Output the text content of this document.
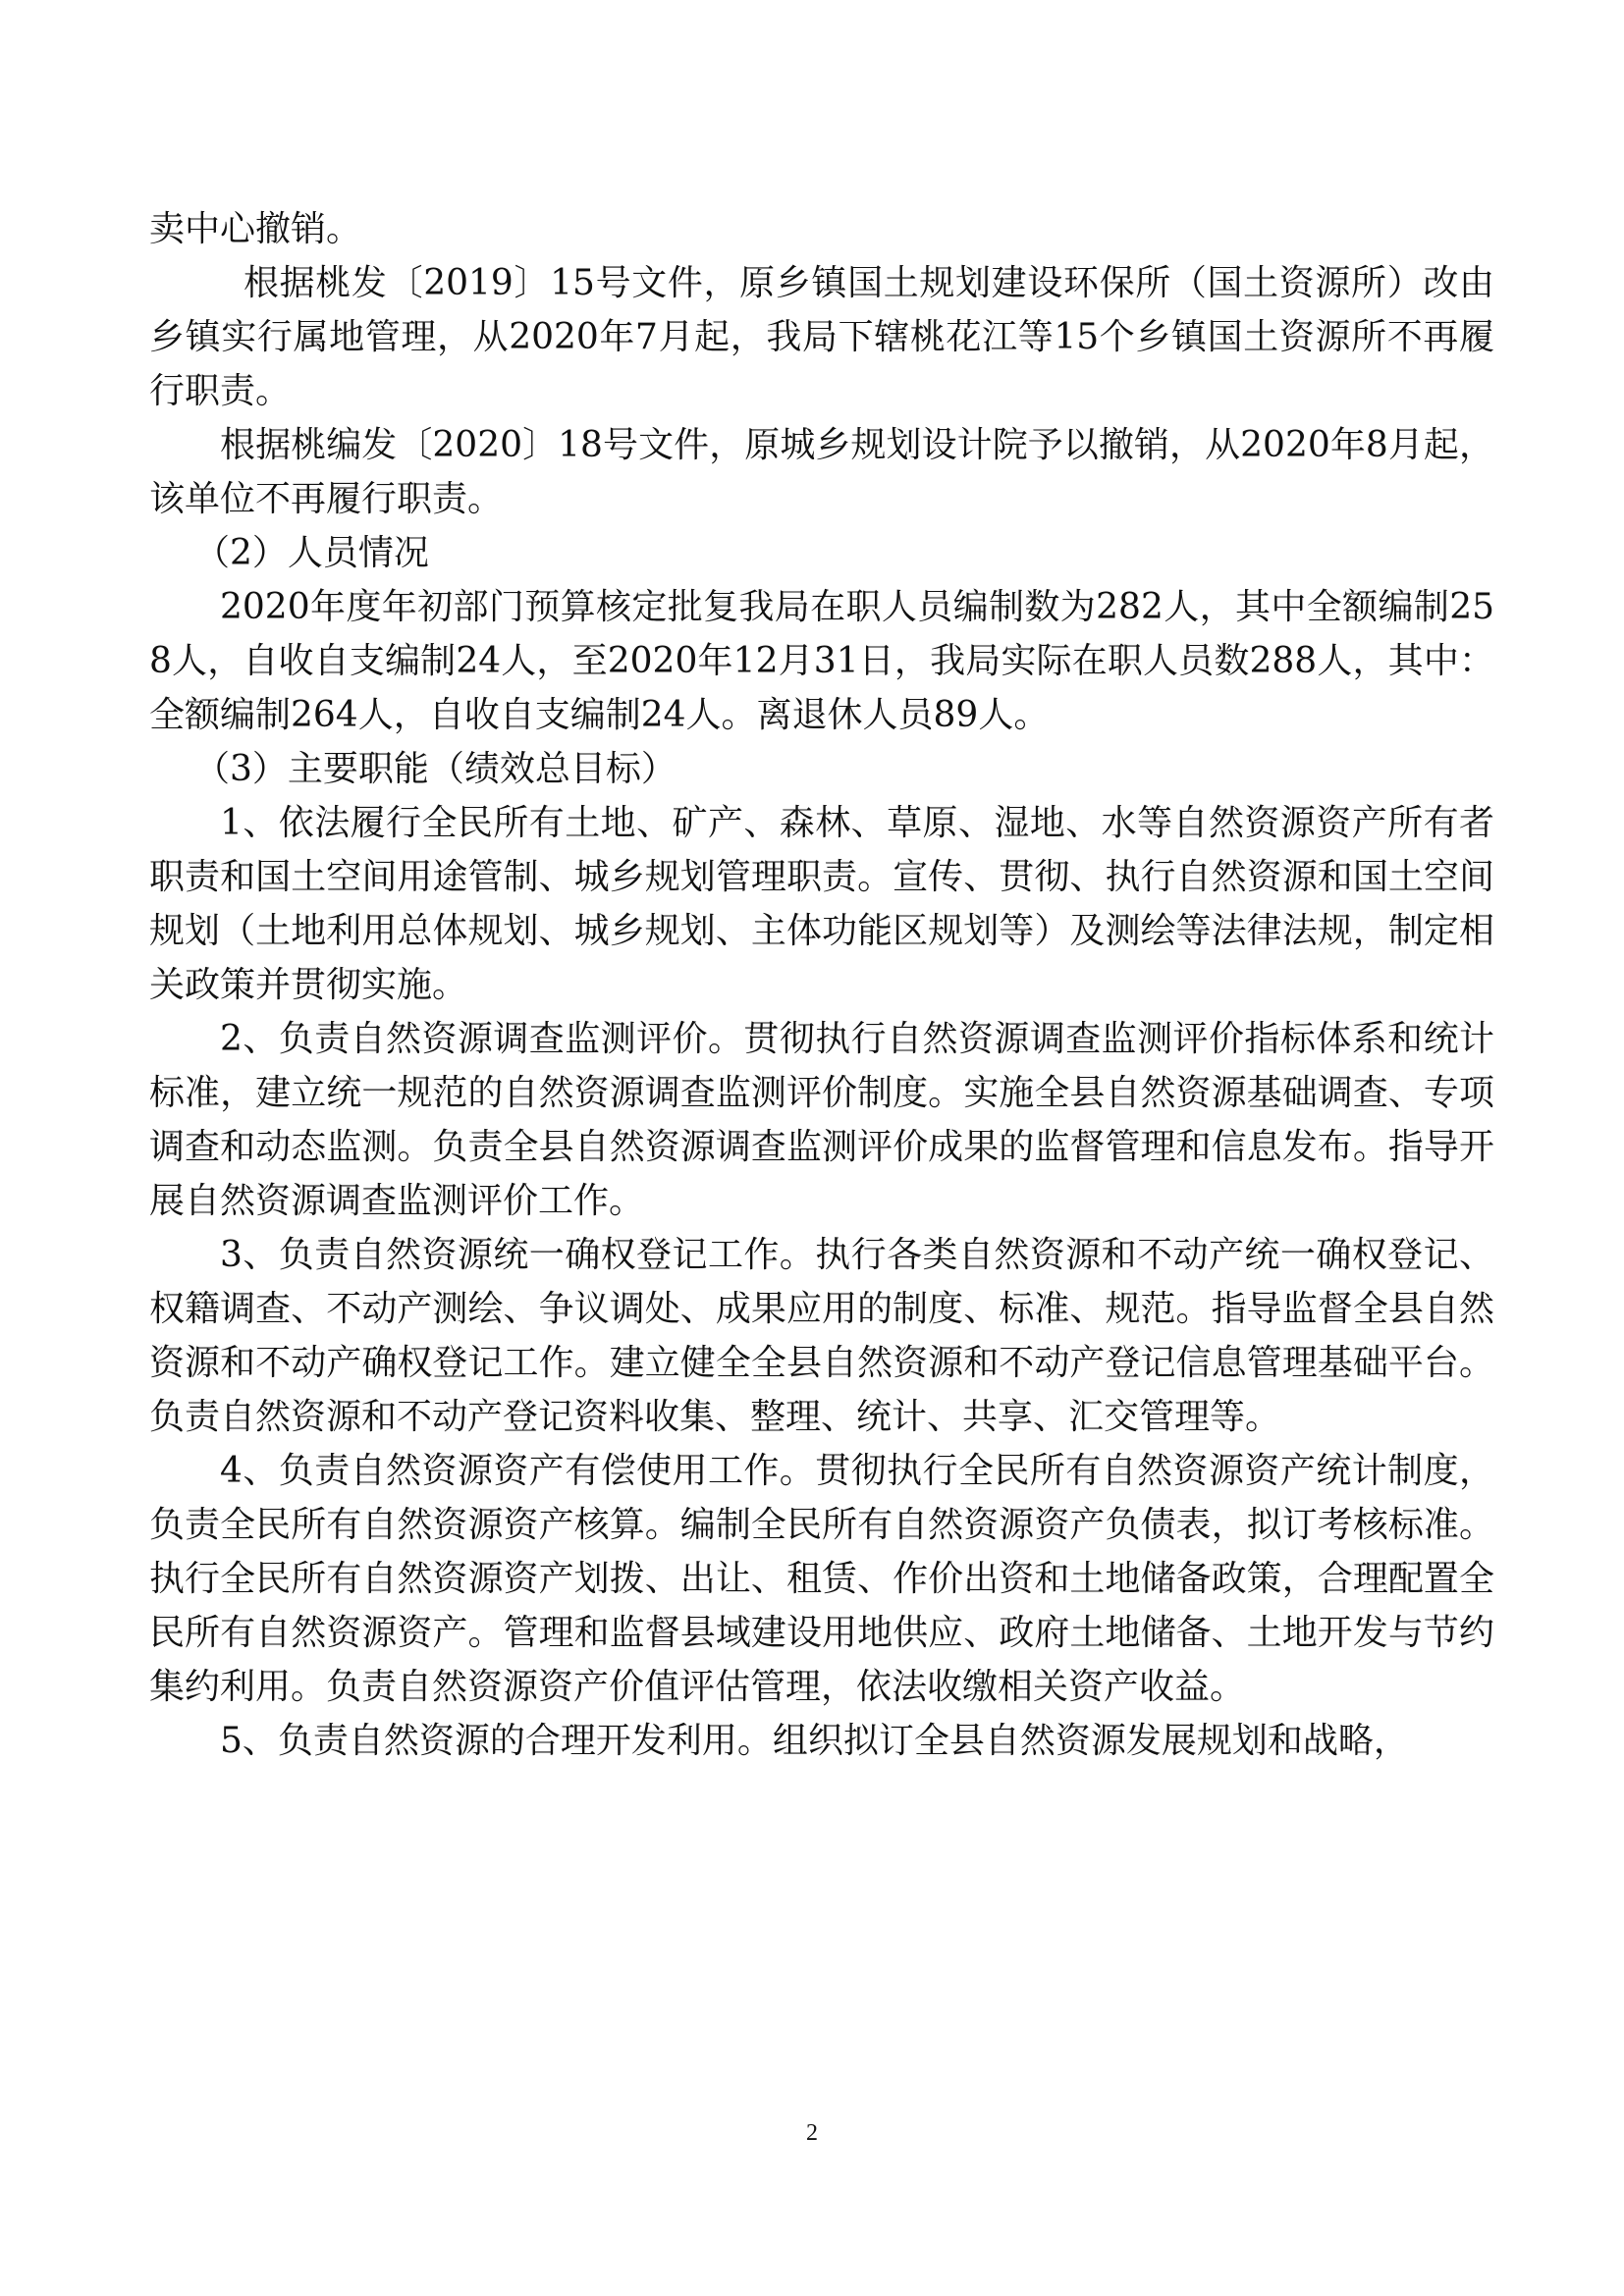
卖中心撤销。

根据桃发〔2019〕15号文件，原乡镇国土规划建设环保所（国土资源所）改由乡镇实行属地管理，从2020年7月起，我局下辖桃花江等15个乡镇国土资源所不再履行职责。

根据桃编发〔2020〕18号文件，原城乡规划设计院予以撤销，从2020年8月起，该单位不再履行职责。

（2）人员情况

2020年度年初部门预算核定批复我局在职人员编制数为282人，其中全额编制258人，自收自支编制24人，至2020年12月31日，我局实际在职人员数288人，其中：全额编制264人，自收自支编制24人。离退休人员89人。

（3）主要职能（绩效总目标）

1、依法履行全民所有土地、矿产、森林、草原、湿地、水等自然资源资产所有者职责和国土空间用途管制、城乡规划管理职责。宣传、贯彻、执行自然资源和国土空间规划（土地利用总体规划、城乡规划、主体功能区规划等）及测绘等法律法规，制定相关政策并贯彻实施。

2、负责自然资源调查监测评价。贯彻执行自然资源调查监测评价指标体系和统计标准，建立统一规范的自然资源调查监测评价制度。实施全县自然资源基础调查、专项调查和动态监测。负责全县自然资源调查监测评价成果的监督管理和信息发布。指导开展自然资源调查监测评价工作。

3、负责自然资源统一确权登记工作。执行各类自然资源和不动产统一确权登记、权籍调查、不动产测绘、争议调处、成果应用的制度、标准、规范。指导监督全县自然资源和不动产确权登记工作。建立健全全县自然资源和不动产登记信息管理基础平台。负责自然资源和不动产登记资料收集、整理、统计、共享、汇交管理等。

4、负责自然资源资产有偿使用工作。贯彻执行全民所有自然资源资产统计制度，负责全民所有自然资源资产核算。编制全民所有自然资源资产负债表，拟订考核标准。执行全民所有自然资源资产划拨、出让、租赁、作价出资和土地储备政策，合理配置全民所有自然资源资产。管理和监督县域建设用地供应、政府土地储备、土地开发与节约集约利用。负责自然资源资产价值评估管理，依法收缴相关资产收益。

5、负责自然资源的合理开发利用。组织拟订全县自然资源发展规划和战略，

2
